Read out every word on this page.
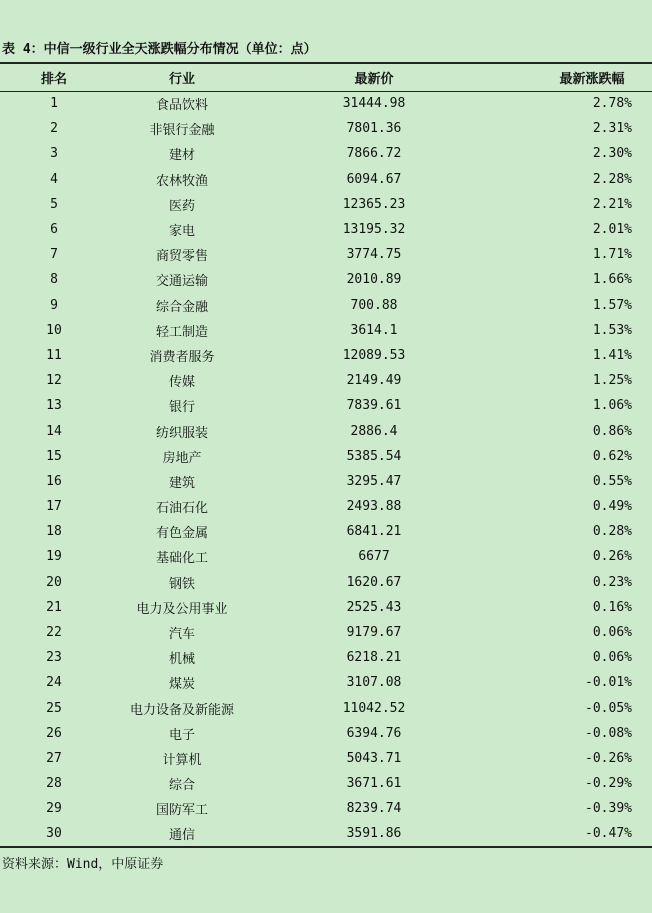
表 4：中信一级行业全天涨跌幅分布情况（单位：点）
排名	行业	最新价	最新涨跌幅
1	食品饮料	31444.98	2.78%
2	非银行金融	7801.36	2.31%
3	建材	7866.72	2.30%
4	农林牧渔	6094.67	2.28%
5	医药	12365.23	2.21%
6	家电	13195.32	2.01%
7	商贸零售	3774.75	1.71%
8	交通运输	2010.89	1.66%
9	综合金融	700.88	1.57%
10	轻工制造	3614.1	1.53%
11	消费者服务	12089.53	1.41%
12	传媒	2149.49	1.25%
13	银行	7839.61	1.06%
14	纺织服装	2886.4	0.86%
15	房地产	5385.54	0.62%
16	建筑	3295.47	0.55%
17	石油石化	2493.88	0.49%
18	有色金属	6841.21	0.28%
19	基础化工	6677	0.26%
20	钢铁	1620.67	0.23%
21	电力及公用事业	2525.43	0.16%
22	汽车	9179.67	0.06%
23	机械	6218.21	0.06%
24	煤炭	3107.08	-0.01%
25	电力设备及新能源	11042.52	-0.05%
26	电子	6394.76	-0.08%
27	计算机	5043.71	-0.26%
28	综合	3671.61	-0.29%
29	国防军工	8239.74	-0.39%
30	通信	3591.86	-0.47%
资料来源：Wind，中原证券
